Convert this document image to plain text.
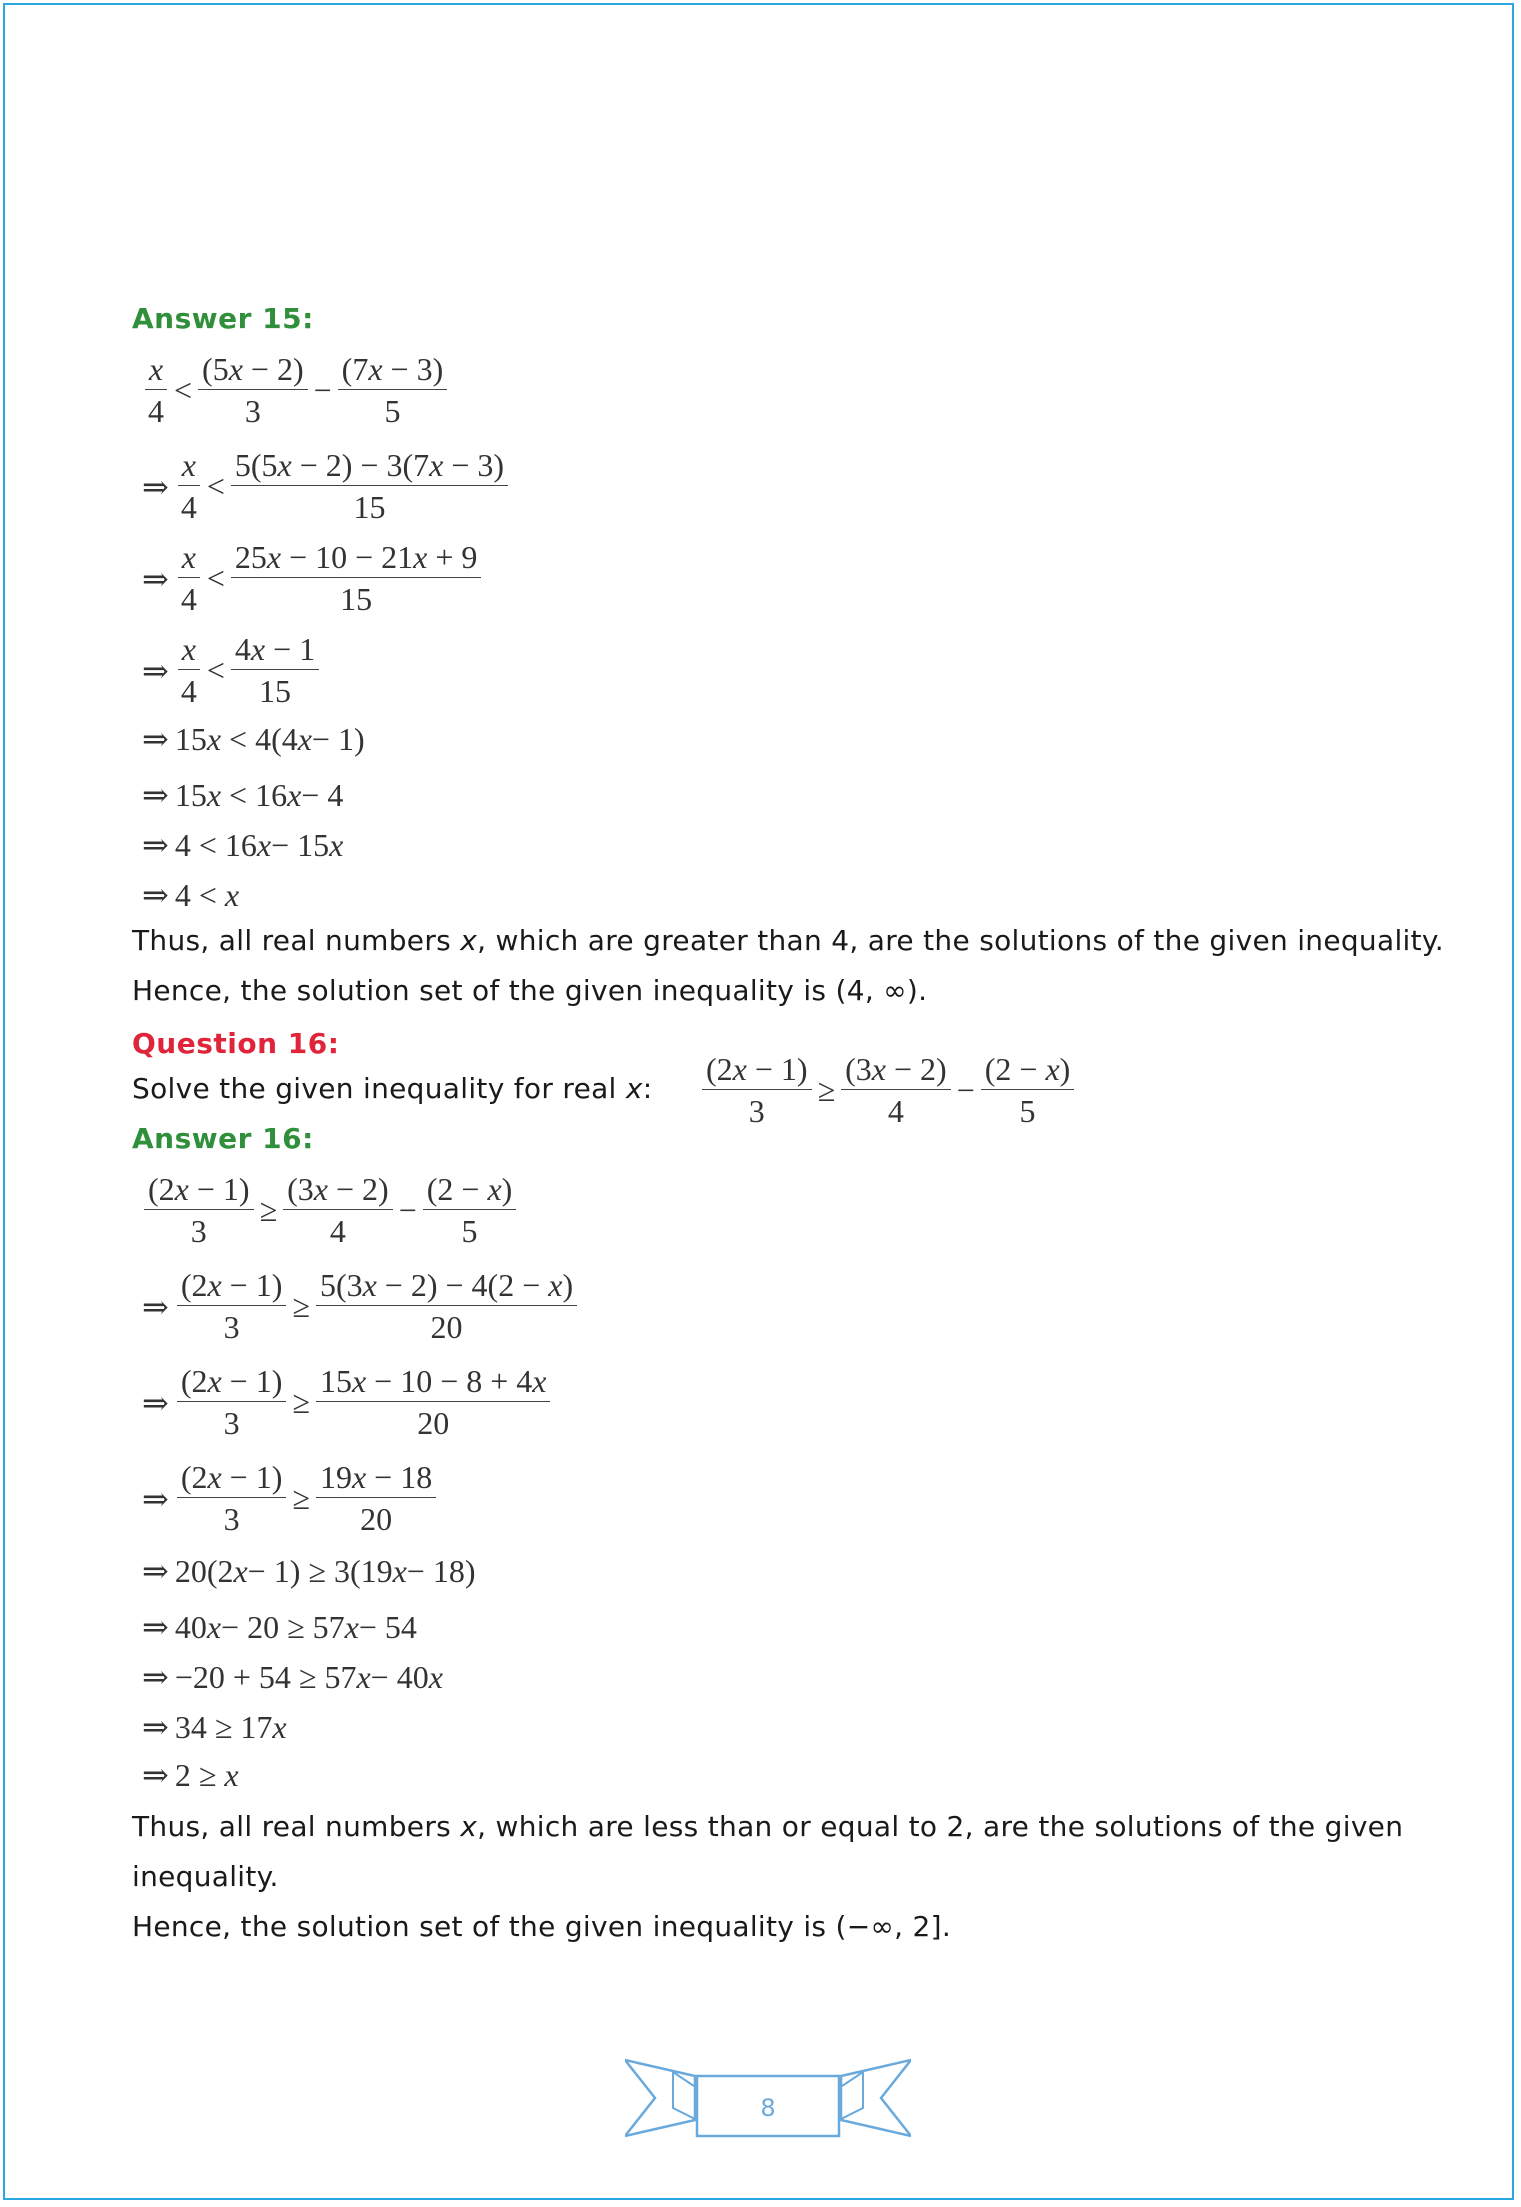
Answer 15:
$\frac{x}{4} < \frac{(5x - 2)}{3} - \frac{(7x - 3)}{5}$
⇒ $\frac{x}{4} < \frac{5(5x - 2) - 3(7x - 3)}{15}$
⇒ $\frac{x}{4} < \frac{25x - 10 - 21x + 9}{15}$
⇒ $\frac{x}{4} < \frac{4x - 1}{15}$
⇒ 15 x < 4(4 x − 1)
⇒ 15 x < 16 x − 4
⇒ 4 < 16 x − 15 x
⇒ 4 < x
Thus, all real numbers x, which are greater than 4, are the solutions of the given inequality.
Hence, the solution set of the given inequality is (4, ∞).
Question 16:
Solve the given inequality for real x: $\frac{(2x - 1)}{3} \ge \frac{(3x - 2)}{4} - \frac{(2 - x)}{5}$
Answer 16:
$\frac{(2x - 1)}{3} \ge \frac{(3x - 2)}{4} - \frac{(2 - x)}{5}$
⇒ $\frac{(2x - 1)}{3} \ge \frac{5(3x - 2) - 4(2 - x)}{20}$
⇒ $\frac{(2x - 1)}{3} \ge \frac{15x - 10 - 8 + 4x}{20}$
⇒ $\frac{(2x - 1)}{3} \ge \frac{19x - 18}{20}$
⇒ 20(2 x − 1) ≥ 3(19 x − 18)
⇒ 40 x − 20 ≥ 57 x − 54
⇒ −20 + 54 ≥ 57 x − 40 x
⇒ 34 ≥ 17 x
⇒ 2 ≥ x
Thus, all real numbers x, which are less than or equal to 2, are the solutions of the given
inequality.
Hence, the solution set of the given inequality is (−∞, 2].
8
